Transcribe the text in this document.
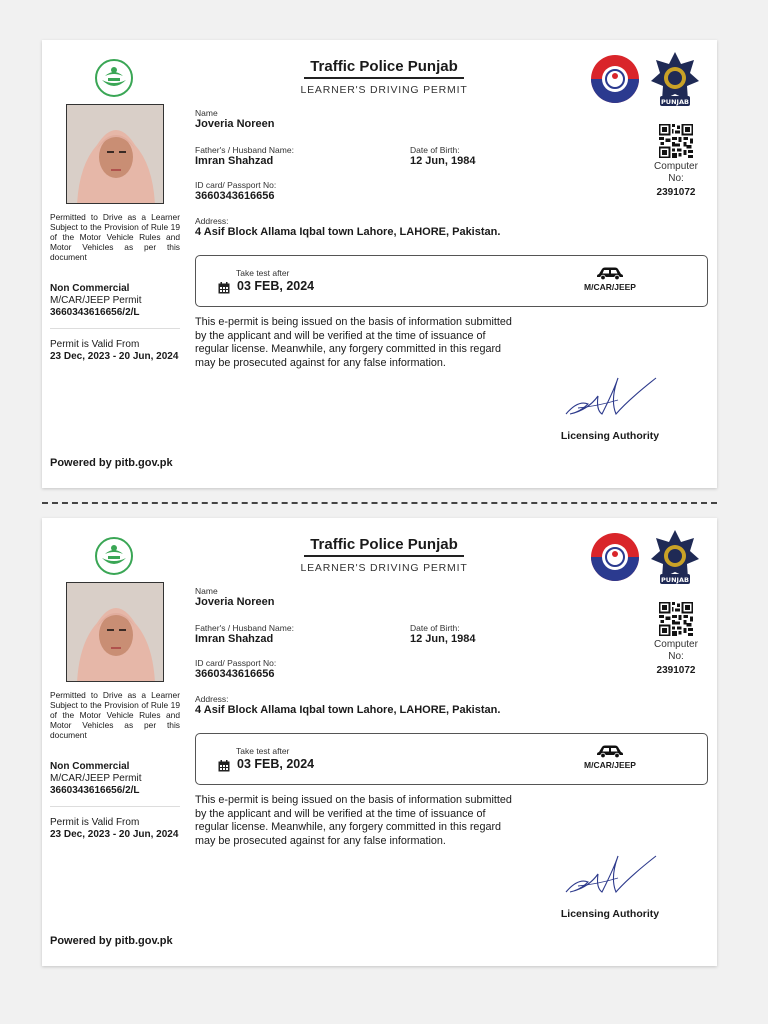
Permitted to Drive as a Learner Subject to the Provision of Rule 19 of the Motor Vehicle Rules and Motor Vehicles as per this document
Non Commercial
M/CAR/JEEP Permit
3660343616656/2/L
Permit is Valid From
23 Dec, 2023 - 20 Jun, 2024
Powered by pitb.gov.pk
Traffic Police Punjab
LEARNER'S DRIVING PERMIT
PUNJAB
Name
Joveria Noreen
Father's / Husband Name:
Imran Shahzad
Date of Birth:
12 Jun, 1984
ID card/ Passport No:
3660343616656
Address:
4 Asif Block Allama Iqbal town Lahore, LAHORE, Pakistan.
Computer No:
2391072
Take test after
03 FEB, 2024	M/CAR/JEEP
This e-permit is being issued on the basis of information submitted by the applicant and will be verified at the time of issuance of regular license. Meanwhile, any forgery committed in this regard may be prosecuted against for any false information.
Licensing Authority
Permitted to Drive as a Learner Subject to the Provision of Rule 19 of the Motor Vehicle Rules and Motor Vehicles as per this document
Non Commercial
M/CAR/JEEP Permit
3660343616656/2/L
Permit is Valid From
23 Dec, 2023 - 20 Jun, 2024
Powered by pitb.gov.pk
Traffic Police Punjab
LEARNER'S DRIVING PERMIT
PUNJAB
Name
Joveria Noreen
Father's / Husband Name:
Imran Shahzad
Date of Birth:
12 Jun, 1984
ID card/ Passport No:
3660343616656
Address:
4 Asif Block Allama Iqbal town Lahore, LAHORE, Pakistan.
Computer No:
2391072
Take test after
03 FEB, 2024	M/CAR/JEEP
This e-permit is being issued on the basis of information submitted by the applicant and will be verified at the time of issuance of regular license. Meanwhile, any forgery committed in this regard may be prosecuted against for any false information.
Licensing Authority
